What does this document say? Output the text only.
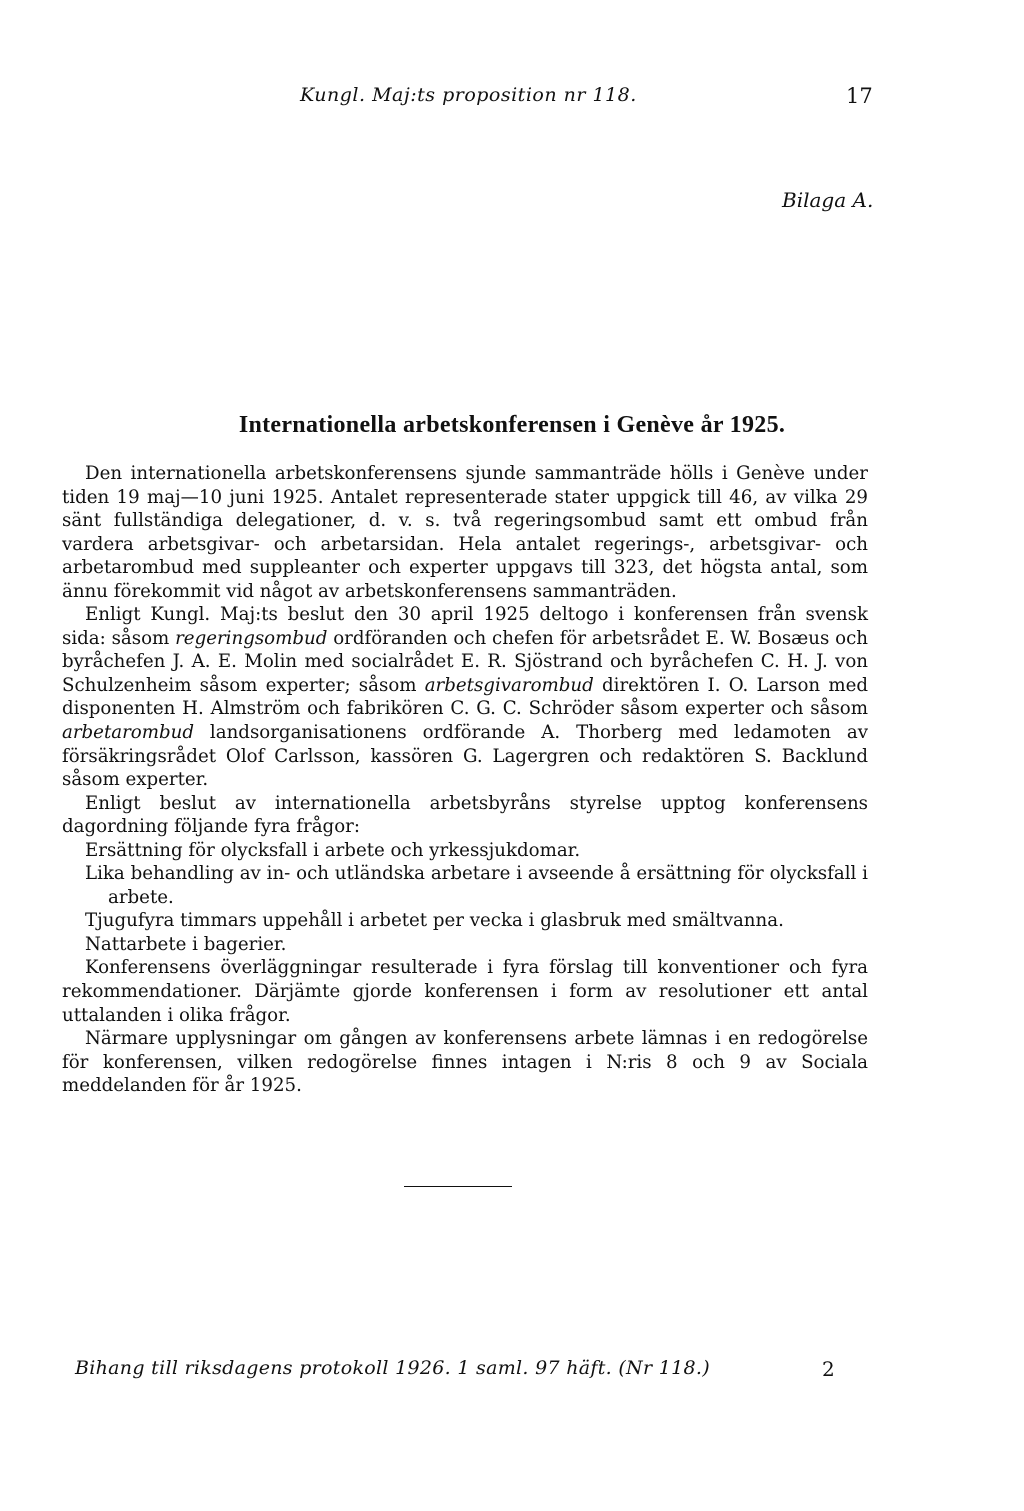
Kungl. Maj:ts proposition nr 118.	17
Bilaga A.
Internationella arbetskonferensen i Genève år 1925.

Den internationella arbetskonferensens sjunde sammanträde hölls i Genève under tiden 19 maj—10 juni 1925. Antalet representerade stater uppgick till 46, av vilka 29 sänt fullständiga delegationer, d. v. s. två regeringsombud samt ett ombud från vardera arbetsgivar- och arbetarsidan. Hela antalet regerings-, arbetsgivar- och arbetarombud med suppleanter och experter uppgavs till 323, det högsta antal, som ännu förekommit vid något av arbetskonferensens sammanträden.

Enligt Kungl. Maj:ts beslut den 30 april 1925 deltogo i konferensen från svensk sida: såsom regeringsombud ordföranden och chefen för arbetsrådet E. W. Bosæus och byråchefen J. A. E. Molin med socialrådet E. R. Sjöstrand och byråchefen C. H. J. von Schulzenheim såsom experter; såsom arbetsgivarombud direktören I. O. Larson med disponenten H. Almström och fabrikören C. G. C. Schröder såsom experter och såsom arbetarombud landsorganisationens ordförande A. Thorberg med ledamoten av försäkringsrådet Olof Carlsson, kassören G. Lagergren och redaktören S. Backlund såsom experter.

Enligt beslut av internationella arbetsbyråns styrelse upptog konferensens dagordning följande fyra frågor:

Ersättning för olycksfall i arbete och yrkessjukdomar.

Lika behandling av in- och utländska arbetare i avseende å ersättning för olycksfall i arbete.

Tjugufyra timmars uppehåll i arbetet per vecka i glasbruk med smältvanna.

Nattarbete i bagerier.

Konferensens överläggningar resulterade i fyra förslag till konventioner och fyra rekommendationer. Därjämte gjorde konferensen i form av resolutioner ett antal uttalanden i olika frågor.

Närmare upplysningar om gången av konferensens arbete lämnas i en redogörelse för konferensen, vilken redogörelse finnes intagen i N:ris 8 och 9 av Sociala meddelanden för år 1925.

Bihang till riksdagens protokoll 1926. 1 saml. 97 häft. (Nr 118.)	2
